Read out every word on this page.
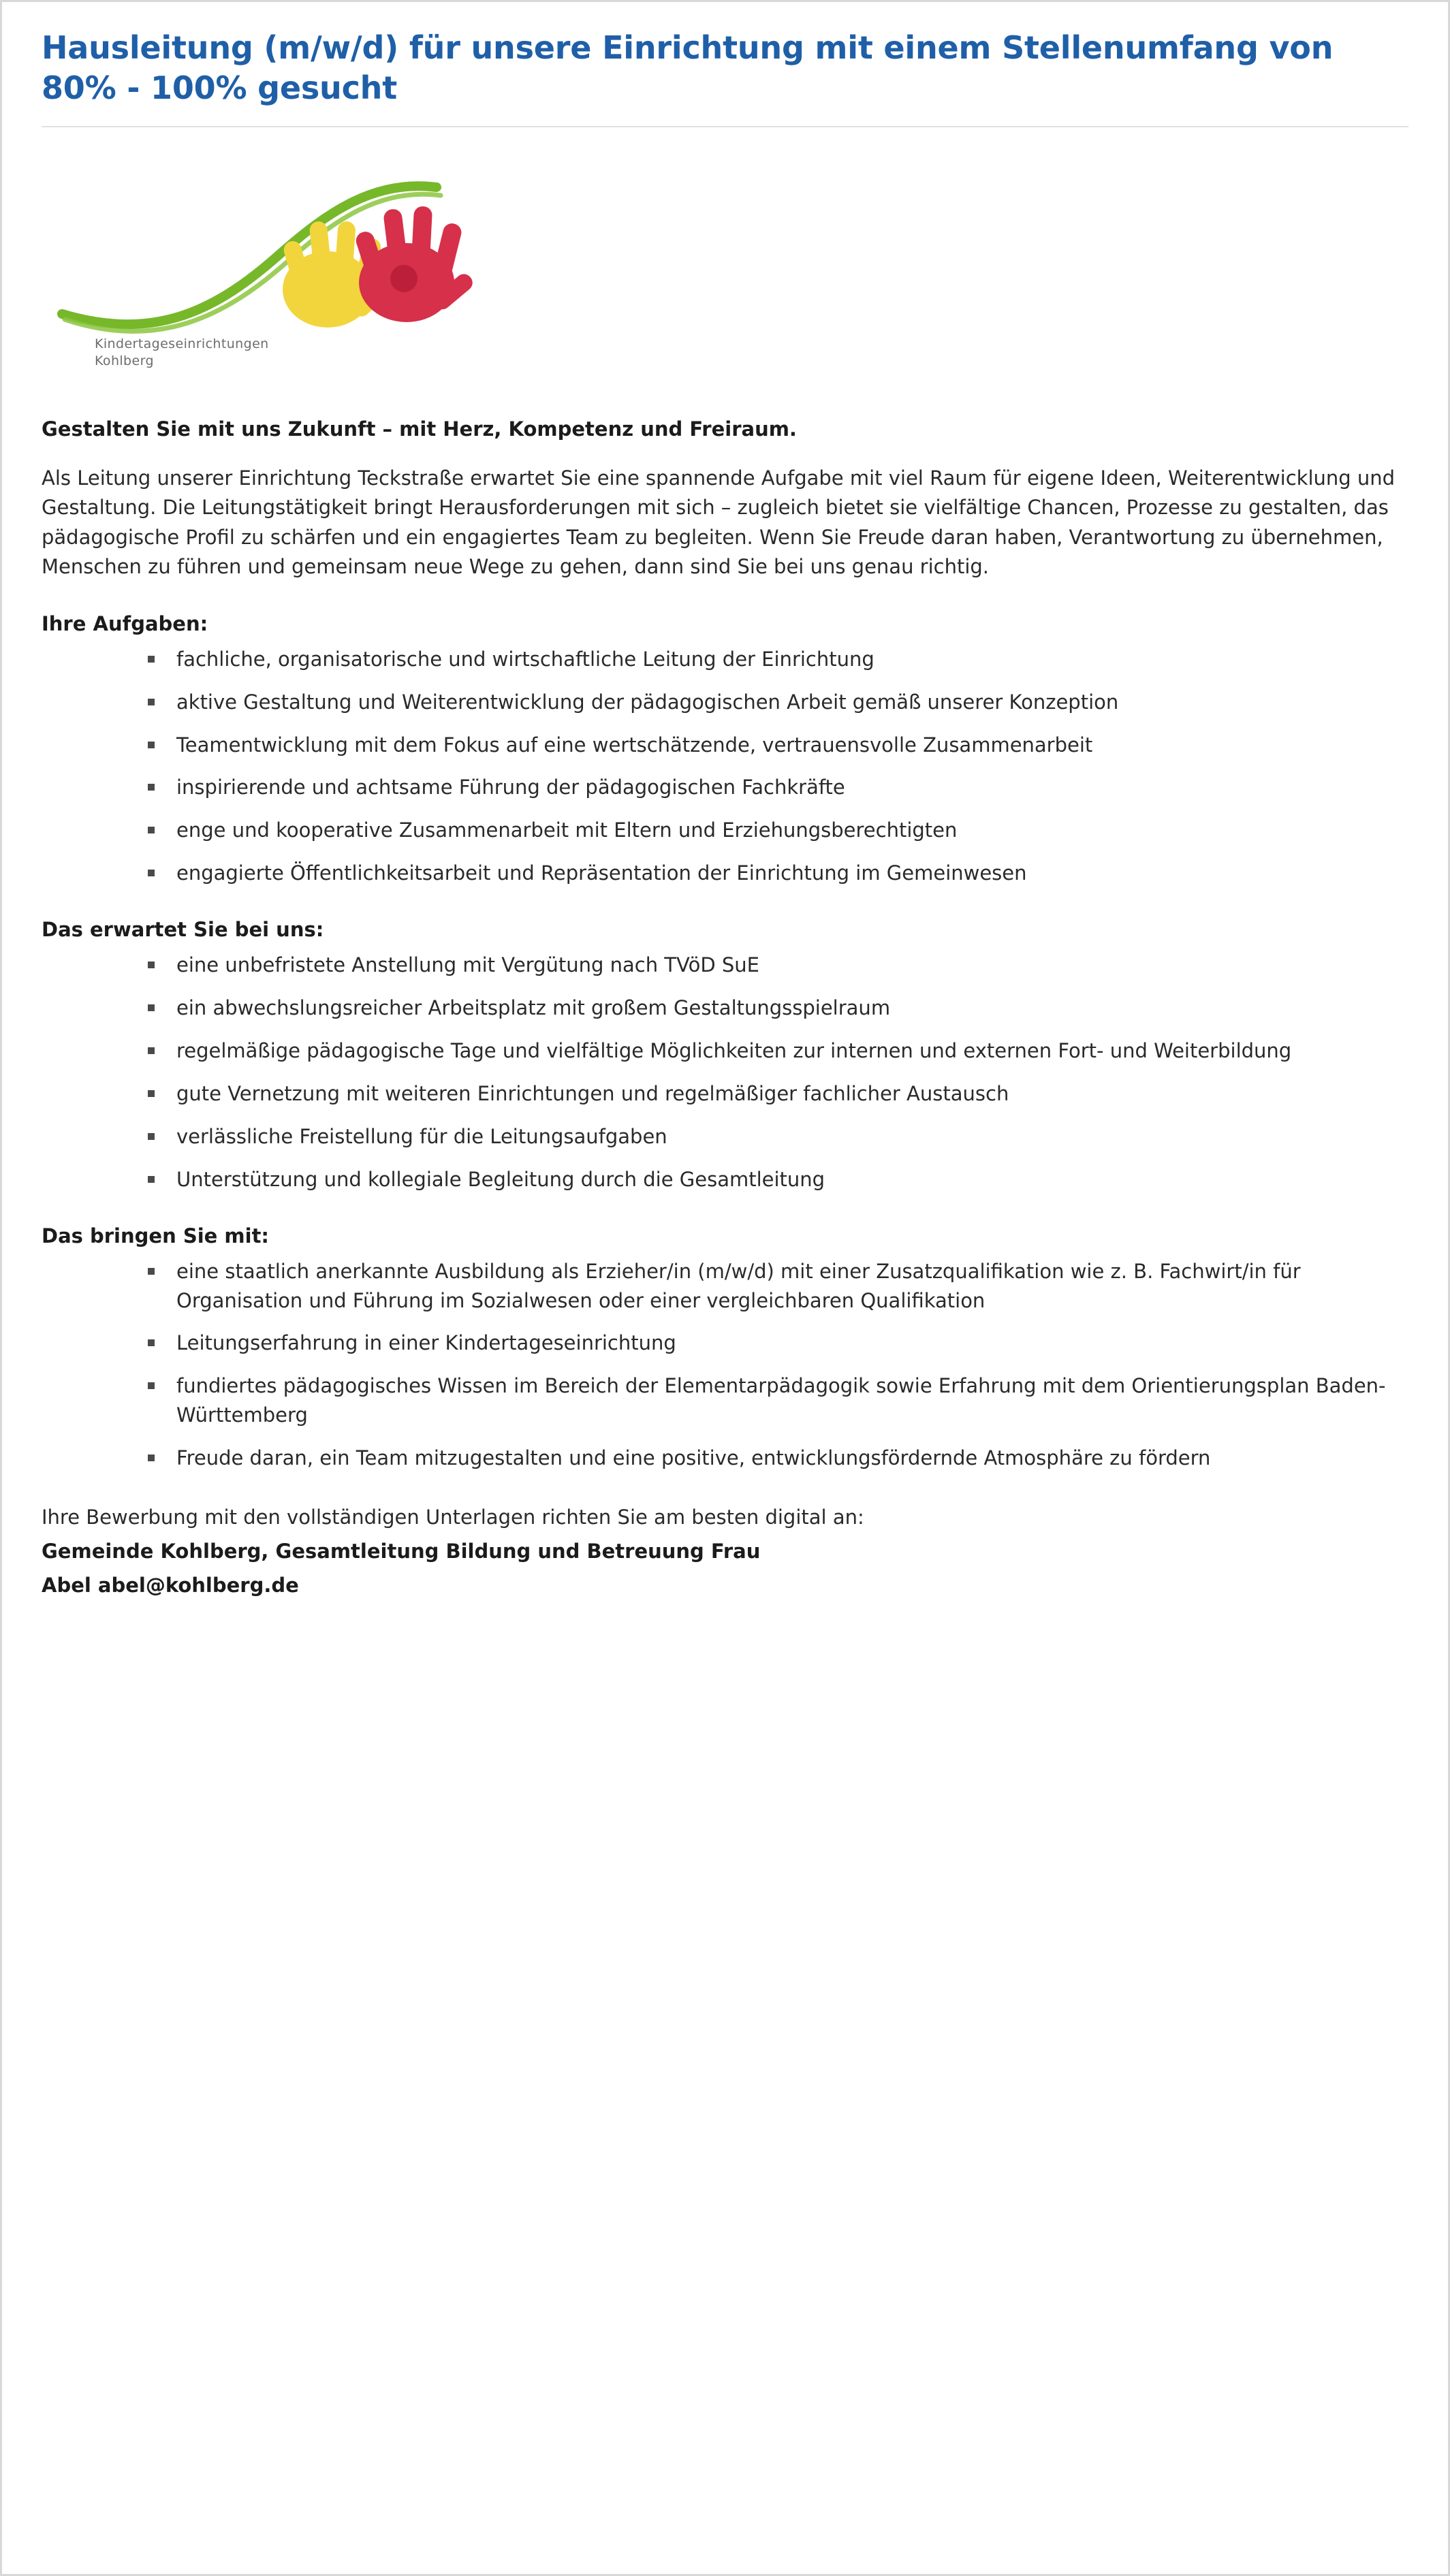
Hausleitung (m/w/d) für unsere Einrichtung mit einem Stellenumfang von 80% - 100% gesucht
Kindertageseinrichtungen
Kohlberg

Gestalten Sie mit uns Zukunft – mit Herz, Kompetenz und Freiraum.

Als Leitung unserer Einrichtung Teckstraße erwartet Sie eine spannende Aufgabe mit viel Raum für eigene Ideen, Weiterentwicklung und Gestaltung. Die Leitungstätigkeit bringt Herausforderungen mit sich – zugleich bietet sie vielfältige Chancen, Prozesse zu gestalten, das pädagogische Profil zu schärfen und ein engagiertes Team zu begleiten. Wenn Sie Freude daran haben, Verantwortung zu übernehmen, Menschen zu führen und gemeinsam neue Wege zu gehen, dann sind Sie bei uns genau richtig.

Ihre Aufgaben:
fachliche, organisatorische und wirtschaftliche Leitung der Einrichtung
aktive Gestaltung und Weiterentwicklung der pädagogischen Arbeit gemäß unserer Konzeption
Teamentwicklung mit dem Fokus auf eine wertschätzende, vertrauensvolle Zusammenarbeit
inspirierende und achtsame Führung der pädagogischen Fachkräfte
enge und kooperative Zusammenarbeit mit Eltern und Erziehungsberechtigten
engagierte Öffentlichkeitsarbeit und Repräsentation der Einrichtung im Gemeinwesen
Das erwartet Sie bei uns:
eine unbefristete Anstellung mit Vergütung nach TVöD SuE
ein abwechslungsreicher Arbeitsplatz mit großem Gestaltungsspielraum
regelmäßige pädagogische Tage und vielfältige Möglichkeiten zur internen und externen Fort- und Weiterbildung
gute Vernetzung mit weiteren Einrichtungen und regelmäßiger fachlicher Austausch
verlässliche Freistellung für die Leitungsaufgaben
Unterstützung und kollegiale Begleitung durch die Gesamtleitung
Das bringen Sie mit:
eine staatlich anerkannte Ausbildung als Erzieher/in (m/w/d) mit einer Zusatzqualifikation wie z. B. Fachwirt/in für Organisation und Führung im Sozialwesen oder einer vergleichbaren Qualifikation
Leitungserfahrung in einer Kindertageseinrichtung
fundiertes pädagogisches Wissen im Bereich der Elementarpädagogik sowie Erfahrung mit dem Orientierungsplan Baden-Württemberg
Freude daran, ein Team mitzugestalten und eine positive, entwicklungsfördernde Atmosphäre zu fördern

Ihre Bewerbung mit den vollständigen Unterlagen richten Sie am besten digital an:

Gemeinde Kohlberg, Gesamtleitung Bildung und Betreuung Frau

Abel abel@kohlberg.de
